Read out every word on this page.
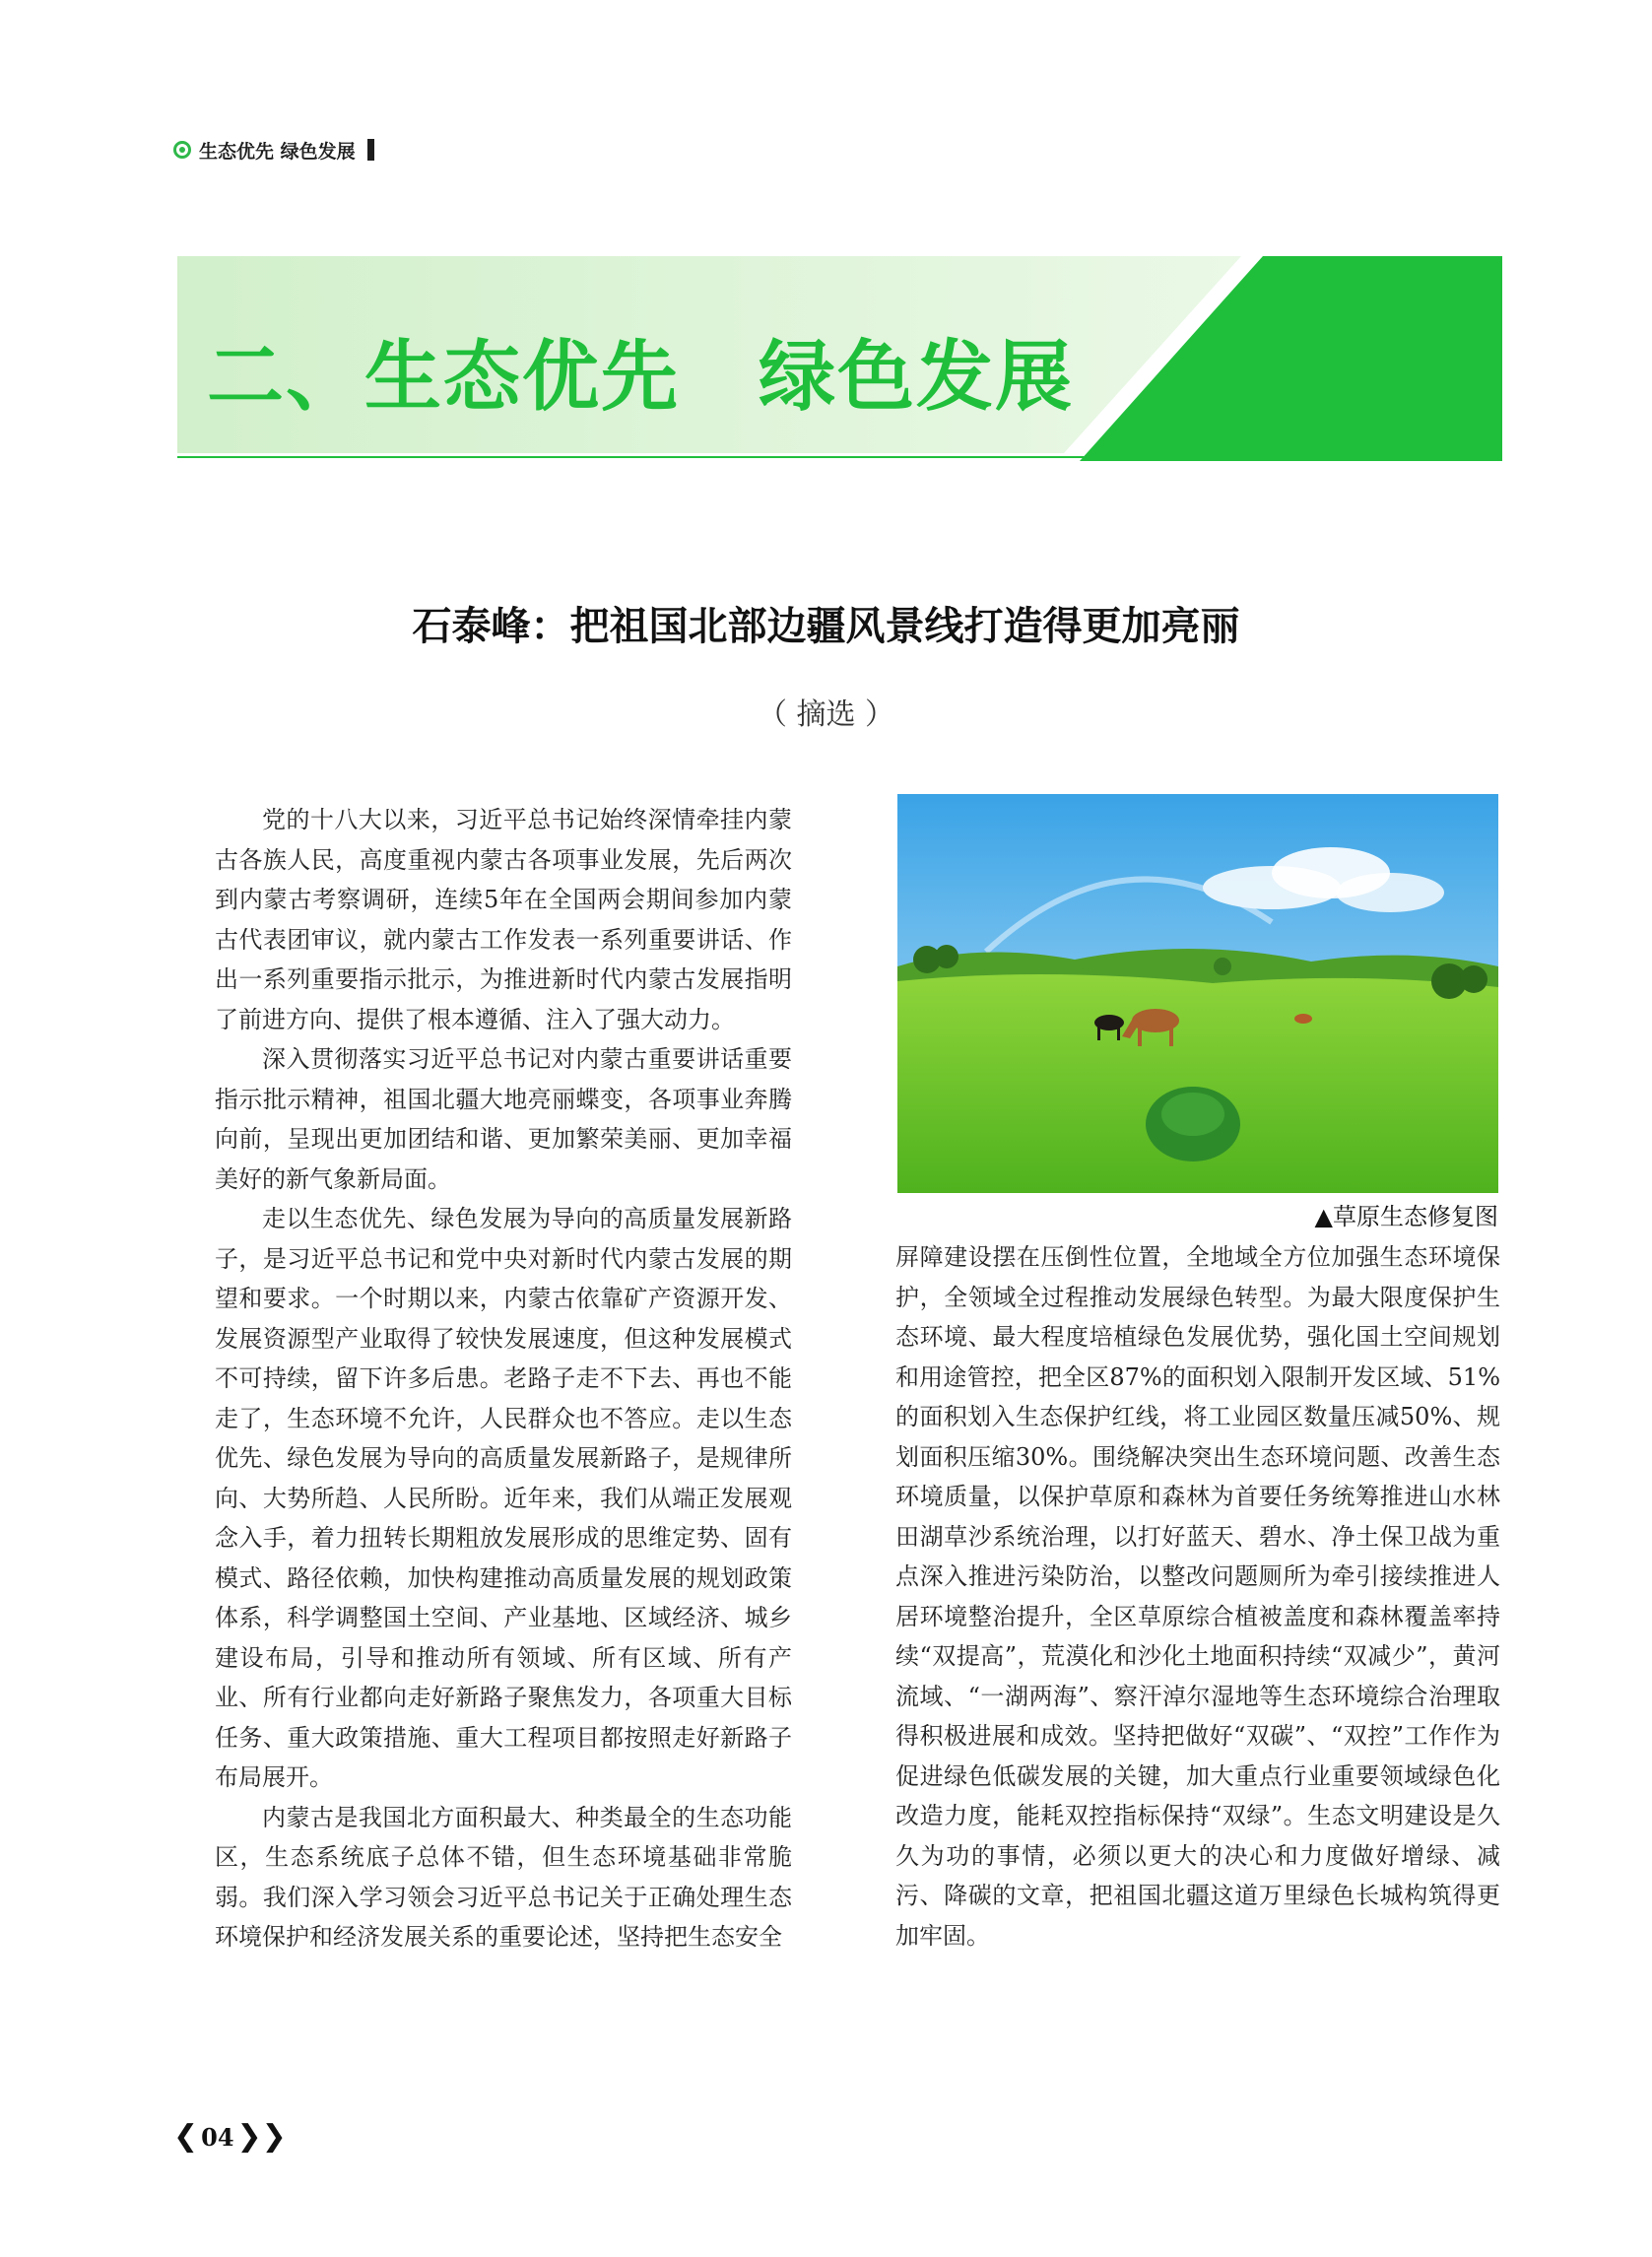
生态优先 绿色发展
二、生态优先　绿色发展
石泰峰：把祖国北部边疆风景线打造得更加亮丽
（ 摘选 ）

党的十八大以来，习近平总书记始终深情牵挂内蒙古各族人民，高度重视内蒙古各项事业发展，先后两次到内蒙古考察调研，连续5年在全国两会期间参加内蒙古代表团审议，就内蒙古工作发表一系列重要讲话、作出一系列重要指示批示，为推进新时代内蒙古发展指明了前进方向、提供了根本遵循、注入了强大动力。

深入贯彻落实习近平总书记对内蒙古重要讲话重要指示批示精神，祖国北疆大地亮丽蝶变，各项事业奔腾向前，呈现出更加团结和谐、更加繁荣美丽、更加幸福美好的新气象新局面。

走以生态优先、绿色发展为导向的高质量发展新路子，是习近平总书记和党中央对新时代内蒙古发展的期望和要求。一个时期以来，内蒙古依靠矿产资源开发、发展资源型产业取得了较快发展速度，但这种发展模式不可持续，留下许多后患。老路子走不下去、再也不能走了，生态环境不允许，人民群众也不答应。走以生态优先、绿色发展为导向的高质量发展新路子，是规律所向、大势所趋、人民所盼。近年来，我们从端正发展观念入手，着力扭转长期粗放发展形成的思维定势、固有模式、路径依赖，加快构建推动高质量发展的规划政策体系，科学调整国土空间、产业基地、区域经济、城乡建设布局，引导和推动所有领域、所有区域、所有产业、所有行业都向走好新路子聚焦发力，各项重大目标任务、重大政策措施、重大工程项目都按照走好新路子布局展开。

内蒙古是我国北方面积最大、种类最全的生态功能区，生态系统底子总体不错，但生态环境基础非常脆弱。我们深入学习领会习近平总书记关于正确处理生态环境保护和经济发展关系的重要论述，坚持把生态安全

▲草原生态修复图

屏障建设摆在压倒性位置，全地域全方位加强生态环境保护，全领域全过程推动发展绿色转型。为最大限度保护生态环境、最大程度培植绿色发展优势，强化国土空间规划和用途管控，把全区87%的面积划入限制开发区域、51%的面积划入生态保护红线，将工业园区数量压减50%、规划面积压缩30%。围绕解决突出生态环境问题、改善生态环境质量，以保护草原和森林为首要任务统筹推进山水林田湖草沙系统治理，以打好蓝天、碧水、净土保卫战为重点深入推进污染防治，以整改问题厕所为牵引接续推进人居环境整治提升，全区草原综合植被盖度和森林覆盖率持续“双提高”，荒漠化和沙化土地面积持续“双减少”，黄河流域、“一湖两海”、察汗淖尔湿地等生态环境综合治理取得积极进展和成效。坚持把做好“双碳”、“双控”工作作为促进绿色低碳发展的关键，加大重点行业重要领域绿色化改造力度，能耗双控指标保持“双绿”。生态文明建设是久久为功的事情，必须以更大的决心和力度做好增绿、减污、降碳的文章，把祖国北疆这道万里绿色长城构筑得更加牢固。

❮ 04 ❯❯
